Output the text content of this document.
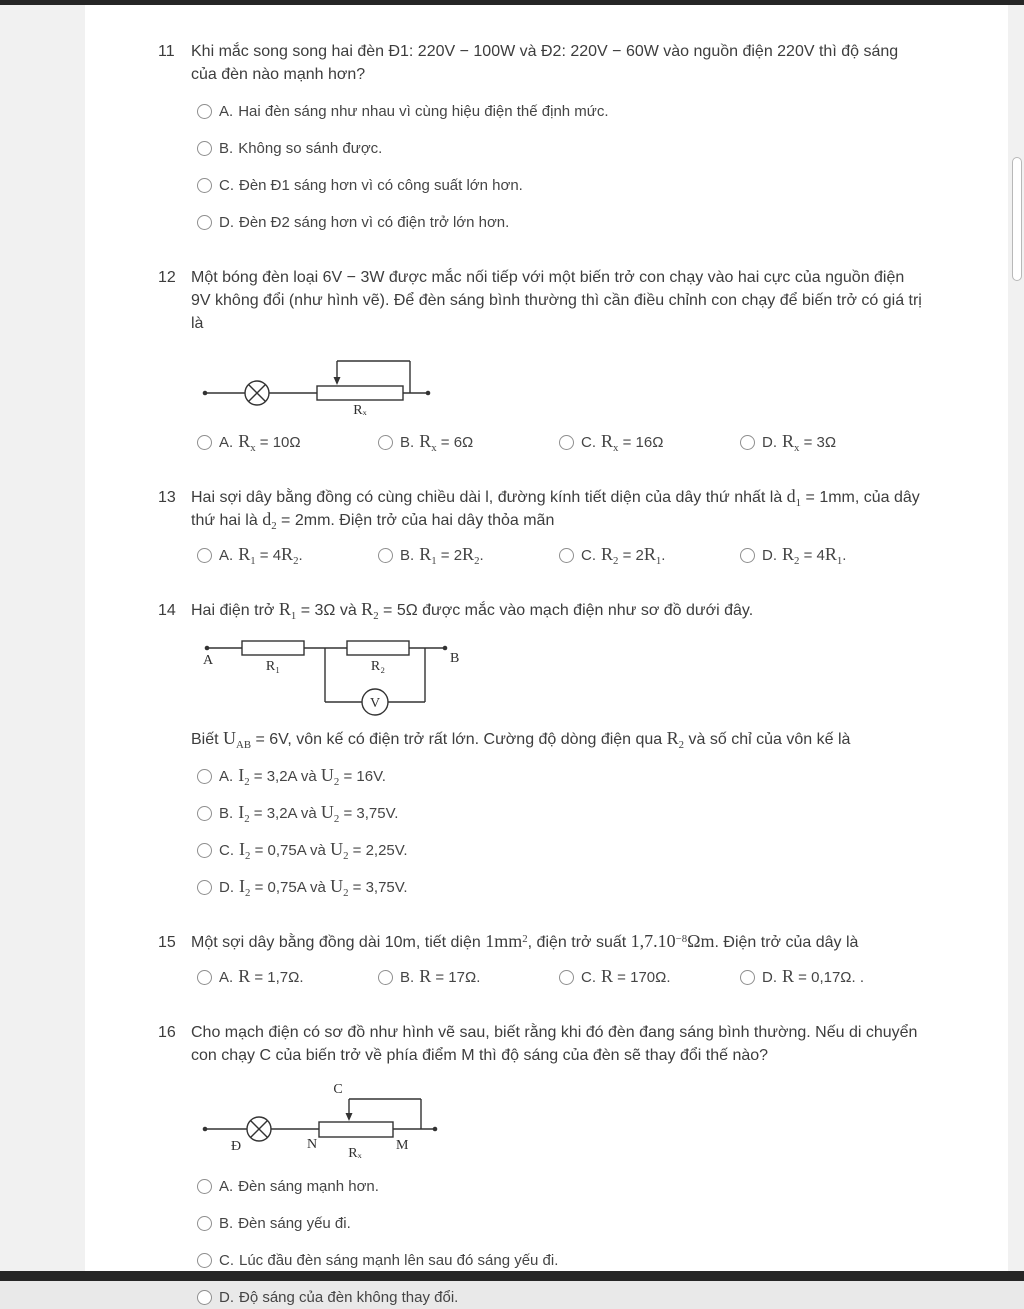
11	Khi mắc song song hai đèn Đ1: 220V − 100W và Đ2: 220V − 60W vào nguồn điện 220V thì độ sáng của đèn nào mạnh hơn?
A. Hai đèn sáng như nhau vì cùng hiệu điện thế định mức.
B. Không so sánh được.
C. Đèn Đ1 sáng hơn vì có công suất lớn hơn.
D. Đèn Đ2 sáng hơn vì có điện trở lớn hơn.
12 Một bóng đèn loại 6V − 3W được mắc nối tiếp với một biến trở con chạy vào hai cực của nguồn điện 9V không đổi (như hình vẽ). Để đèn sáng bình thường thì cần điều chỉnh con chạy để biến trở có giá trị là
Rₓ
A. $R_x = 10\Omega$	B. $R_x = 6\Omega$	C. $R_x = 16\Omega$	D. $R_x = 3\Omega$
13 Hai sợi dây bằng đồng có cùng chiều dài l, đường kính tiết diện của dây thứ nhất là $d_1 = 1mm$, của dây thứ hai là $d_2 = 2mm$. Điện trở của hai dây thỏa mãn
A. $R_1 = 4R_2$.	B. $R_1 = 2R_2$.	C. $R_2 = 2R_1$.	D. $R_2 = 4R_1$.
14 Hai điện trở $R_1 = 3\Omega$ và $R_2 = 5\Omega$ được mắc vào mạch điện như sơ đồ dưới đây.
A	R₁	R₂
B
V
Biết $U_{AB} = 6V$, vôn kế có điện trở rất lớn. Cường độ dòng điện qua $R_2$ và số chỉ của vôn kế là
A. $I_2 = 3,2A$ và $U_2 = 16V$.
B. $I_2 = 3,2A$ và $U_2 = 3,75V$.
C. $I_2 = 0,75A$ và $U_2 = 2,25V$.
D. $I_2 = 0,75A$ và $U_2 = 3,75V$.
15 Một sợi dây bằng đồng dài 10m, tiết diện $1mm^2$, điện trở suất $1,7.10^{-8}\Omega m$. Điện trở của dây là
A. R = 1,7Ω.	B. R = 17Ω.	C. R = 170Ω.	D. R = 0,17Ω. .
16 Cho mạch điện có sơ đồ như hình vẽ sau, biết rằng khi đó đèn đang sáng bình thường. Nếu di chuyển con chạy C của biến trở về phía điểm M thì độ sáng của đèn sẽ thay đổi thế nào?
Đ	N
Rₓ
M
C
A. Đèn sáng mạnh hơn.
B. Đèn sáng yếu đi.
C. Lúc đầu đèn sáng mạnh lên sau đó sáng yếu đi.
D. Độ sáng của đèn không thay đổi.
